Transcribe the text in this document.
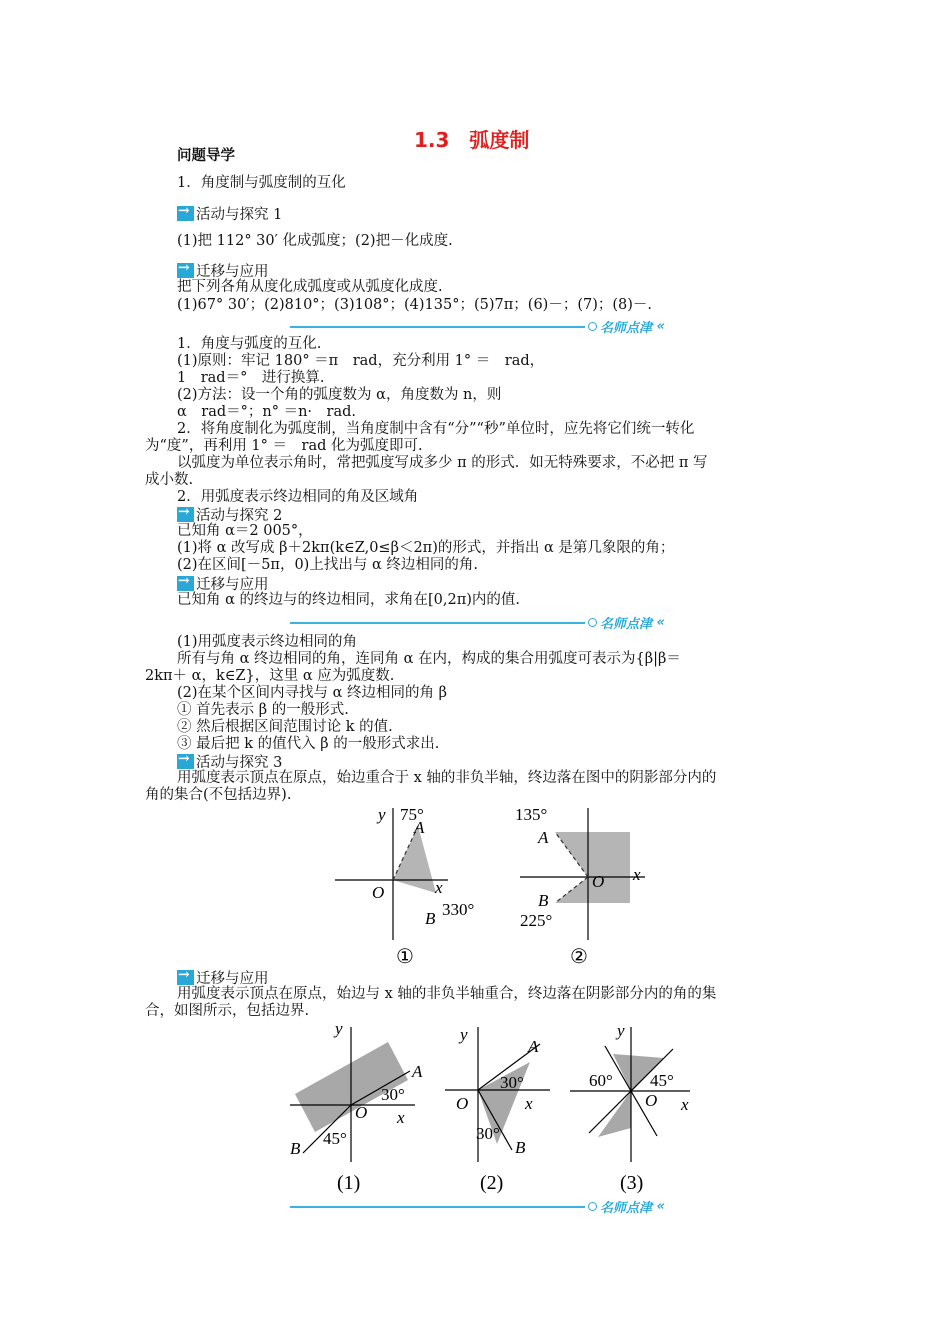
1.3　弧度制
问题导学
1．角度制与弧度制的互化
→
活动与探究 1
(1)把 112° 30′ 化成弧度；(2)把－化成度.
→
迁移与应用
把下列各角从度化成弧度或从弧度化成度.
(1)67° 30′；(2)810°；(3)108°；(4)135°；(5)7π；(6)－；(7)；(8)－.
名师点津 «
1．角度与弧度的互化.
(1)原则：牢记 180° ＝π　rad，充分利用 1° ＝　rad，
1　rad＝°　进行换算.
(2)方法：设一个角的弧度数为 α，角度数为 n，则
α　rad＝°；n° ＝n·　rad.
2．将角度制化为弧度制，当角度制中含有“分”“秒”单位时，应先将它们统一转化
为“度”，再利用 1° ＝　rad 化为弧度即可.
以弧度为单位表示角时，常把弧度写成多少 π 的形式．如无特殊要求，不必把 π 写
成小数.
2．用弧度表示终边相同的角及区域角
→
活动与探究 2
已知角 α＝2 005°，
(1)将 α 改写成 β＋2kπ(k∈Z,0≤β＜2π)的形式，并指出 α 是第几象限的角；
(2)在区间[－5π，0)上找出与 α 终边相同的角.
→
迁移与应用
已知角 α 的终边与的终边相同，求角在[0,2π)内的值.
名师点津 «
(1)用弧度表示终边相同的角
所有与角 α 终边相同的角，连同角 α 在内，构成的集合用弧度可表示为{β|β＝
2kπ＋ α，k∈Z}，这里 α 应为弧度数.
(2)在某个区间内寻找与 α 终边相同的角 β
① 首先表示 β 的一般形式.
② 然后根据区间范围讨论 k 的值.
③ 最后把 k 的值代入 β 的一般形式求出.
→
活动与探究 3
用弧度表示顶点在原点，始边重合于 x 轴的非负半轴，终边落在图中的阴影部分内的
角的集合(不包括边界).
y 75°
A
O	x
B 330°
①
135°
A
O x
B
225°
②
→
迁移与应用
用弧度表示顶点在原点，始边与 x 轴的非负半轴重合，终边落在阴影部分内的角的集
合，如图所示，包括边界.
y
A
30°
O x
45°
B
(1)
y
A
30°
O	x
30°
B
(2)
y
60° 45°
O x
(3)
名师点津 «
